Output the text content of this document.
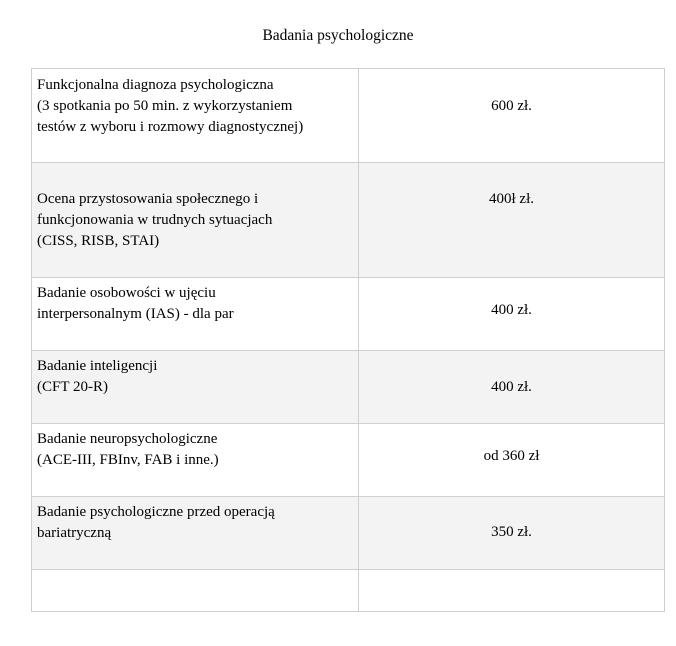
Badania psychologiczne
Funkcjonalna diagnoza psychologiczna
(3 spotkania po 50 min. z wykorzystaniem
testów z wyboru i rozmowy diagnostycznej)	600 zł.

Ocena przystosowania społecznego i
funkcjonowania w trudnych sytuacjach
(CISS, RISB, STAI)	400ł zł.

Badanie osobowości w ujęciu
interpersonalnym (IAS) - dla par	400 zł.

Badanie inteligencji
(CFT 20-R)	400 zł.

Badanie neuropsychologiczne
(ACE-III, FBInv, FAB i inne.)	od 360 zł

Badanie psychologiczne przed operacją
bariatryczną	350 zł.
